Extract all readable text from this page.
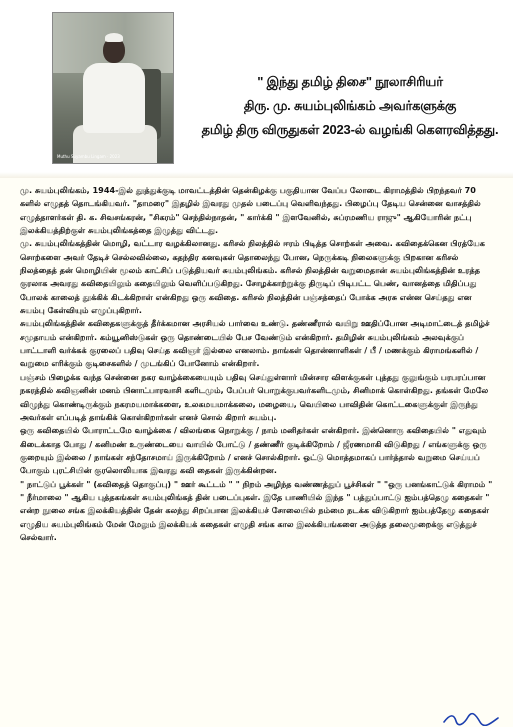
Muthu Suyambu Lingam · 2023
" இந்து தமிழ் திசை" நூலாசிரியர்
திரு. மு. சுயம்புலிங்கம் அவர்களுக்கு
தமிழ் திரு விருதுகள் 2023-ல் வழங்கி கௌரவித்தது.

மு. சுயம்புலிங்கம், 1944-இல் தூத்துக்குடி மாவட்டத்தின் தென்கிழக்கு பகுதியான வேப்ப லோடை கிராமத்தில் பிறந்தவர் 70 களில் எழுதத் தொடங்கியவர். "தாமரை" இதழில் இவரது முதல் படைப்பு வெளிவந்தது. பிழைப்பு தேடிய சென்னை வாசத்தில் எழுத்தாளர்கள் தி. க. சிவசங்கரன், "சிகரம்" செந்தில்நாதன், " கார்க்கி " இளவேனில், சுப்ரமணிய ராஜு" ஆகியோரின் நட்பு இலக்கியத்திற்குள் சுயம்புலிங்கத்தை இழுத்து விட்டது.

மு. சுயம்புலிங்கத்தின் மொழி, வட்டார வழக்கிலானது. கரிசல் நிலத்தில் ஈரம் பிடித்த சொற்கள் அவை. கவிதைக்கென பிரத்யேக சொற்களை அவர் தேடிச் செல்லவில்லை, கதந்திர கனவுகள் தொலைந்து போன, நெருக்கடி நிலைகளுக்கு பிறகான கரிசல் நிலத்தைத் தன் மொழியின் மூலம் காட்சிப் படுத்தியவர் சுயம்புலிங்கம். கரிசல் நிலத்தின் வறுமைதான் சுயம்புலிங்கத்தின் உரத்த குரலாக அவரது கவிதையிலும் கதையிலும் வெளிப்படுகிறது. சோழக்காற்றுக்கு திருடிப் பிடிபட்ட பெண், வானத்தை மிதிப்பது போலக் காலைத் தூக்கிக் கிடக்கிறாள் என்கிறது ஒரு கவிதை. கரிசல் நிலத்தின் பஞ்சத்தைப் போக்க அரசு என்ன செய்தது என சுயம்பு கேள்வியும் எழுப்புகிறார்.

சுயம்புலிங்கத்தின் கவிதைகளுக்குத் தீர்க்கமான அரசியல் பார்வை உண்டு. தண்ணீரால் வயிறு ஊதிப்போன அடிமாட்டைத் தமிழ்ச் சமுதாயம் என்கிறார். கம்யூனிஸ்டுகள் ஒரு தொண்டையில் பேச வேண்டும் என்கிறார். தமிழின் சுயம்புலிங்கம் அலவுக்குப் பாட்டாளி வர்க்கக் குரலைப் பதிவு செய்த கவிஞர் இல்லை எனலாம். நாங்கள் தொன்னாளிகள் / பீ / மணக்கும் கிராமங்களில் / வறுமை எரிக்கும் குடிசைகளில் / முடங்கிப் போனோம் என்கிறார்.

பஞ்சம் பிழைக்க வந்த சென்னை நகர வாழ்க்கையையும் பதிவு செய்துள்ளார் மின்சார விளக்குகள் புத்தது குலுங்கும் பரபரப்பான நகரத்தில் கவிஞனின் மனம் பினாட்பாரவாசி களிடமும், பேப்பர் பொறுக்குபவர்களிடமும், சினிமாக் கொள்கிறது. தங்கள் மேலே விழுந்து கொண்டிருக்கும் நகரமயமாக்களை, உலகமயமாக்கலை, மழையை, வெயிலை பாவிதின் கொட்டகைளுக்குள் இருந்து அவர்கள் எப்படித் தாங்கிக் கொள்கிறார்கள் எனச் சொல் கிறார் சுயம்பு.

ஒரு கவிதையில் போராட்டமே வாழ்க்கை / விலங்கை நொறுக்கு / நாம் மனிதர்கள் என்கிறார். இன்னொரு கவிதையில் " எதுவும் கிடைக்காத போது / கனிமண் உருண்டையை வாயில் போட்டு / தண்ணீர் குடிக்கிறோம் / ஜீரணமாகி விடுகிறது / எங்களுக்கு ஒரு குறையும் இல்லை / நாங்கள் சந்தோசமாய் இருக்கிறோம் / எனச் சொல்கிறார். ஒட்டு மொத்தமாகப் பார்த்தால் வறுமை செய்யப் போகும் புரட்சியின் குரலொலியாக இவரது கவி தைகள் இருக்கின்றன.

" நாட்டுப் பூக்கள் " (கவிதைத் தொகுப்பு) " ஊர் கூட்டம் " " நிறம் அழிந்த வண்ணத்துப் பூச்சிகள் " "ஒரு பனங்காட்டுக் கிராமம் " " நீர்மாலை " ஆகிய புத்தகங்கள் சுயம்புலிங்கத் தின் படைப்புகள். இதே பாணியில் இந்த " பத்துப்பாட்டு ஐம்பத்தெழு கதைகள் " என்ற நூலை சங்க இலக்கியத்தின் தேன் கலந்து சிறப்பான இலக்கியச் சோலையில் நம்மை நடக்க விடுகிறார் ஐம்பத்தேழு கதைகள் எழுதிய சுயம்புலிங்கம் மேன் மேலும் இலக்கியக் கதைகள் எழுதி சங்க கால இலக்கியங்களை அடுத்த தலைமுறைக்கு எடுத்துச் செல்வார்.
